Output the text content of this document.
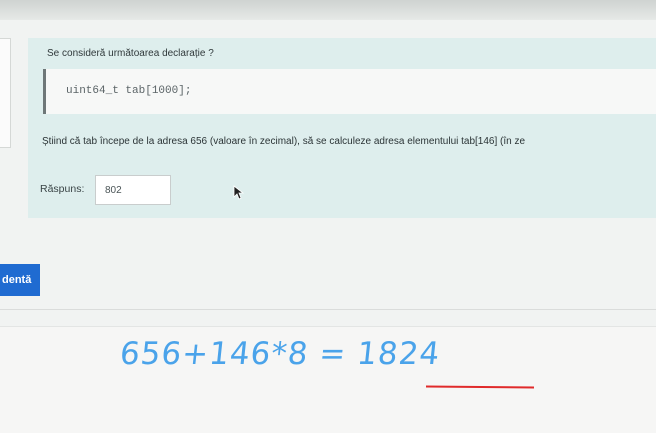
Se consideră următoarea declarație ?
uint64_t tab[1000];
Știind că tab începe de la adresa 656 (valoare în zecimal), să se calculeze adresa elementului tab[146] (în ze
Răspuns:
802
dentă
656+146*8 = 1824
